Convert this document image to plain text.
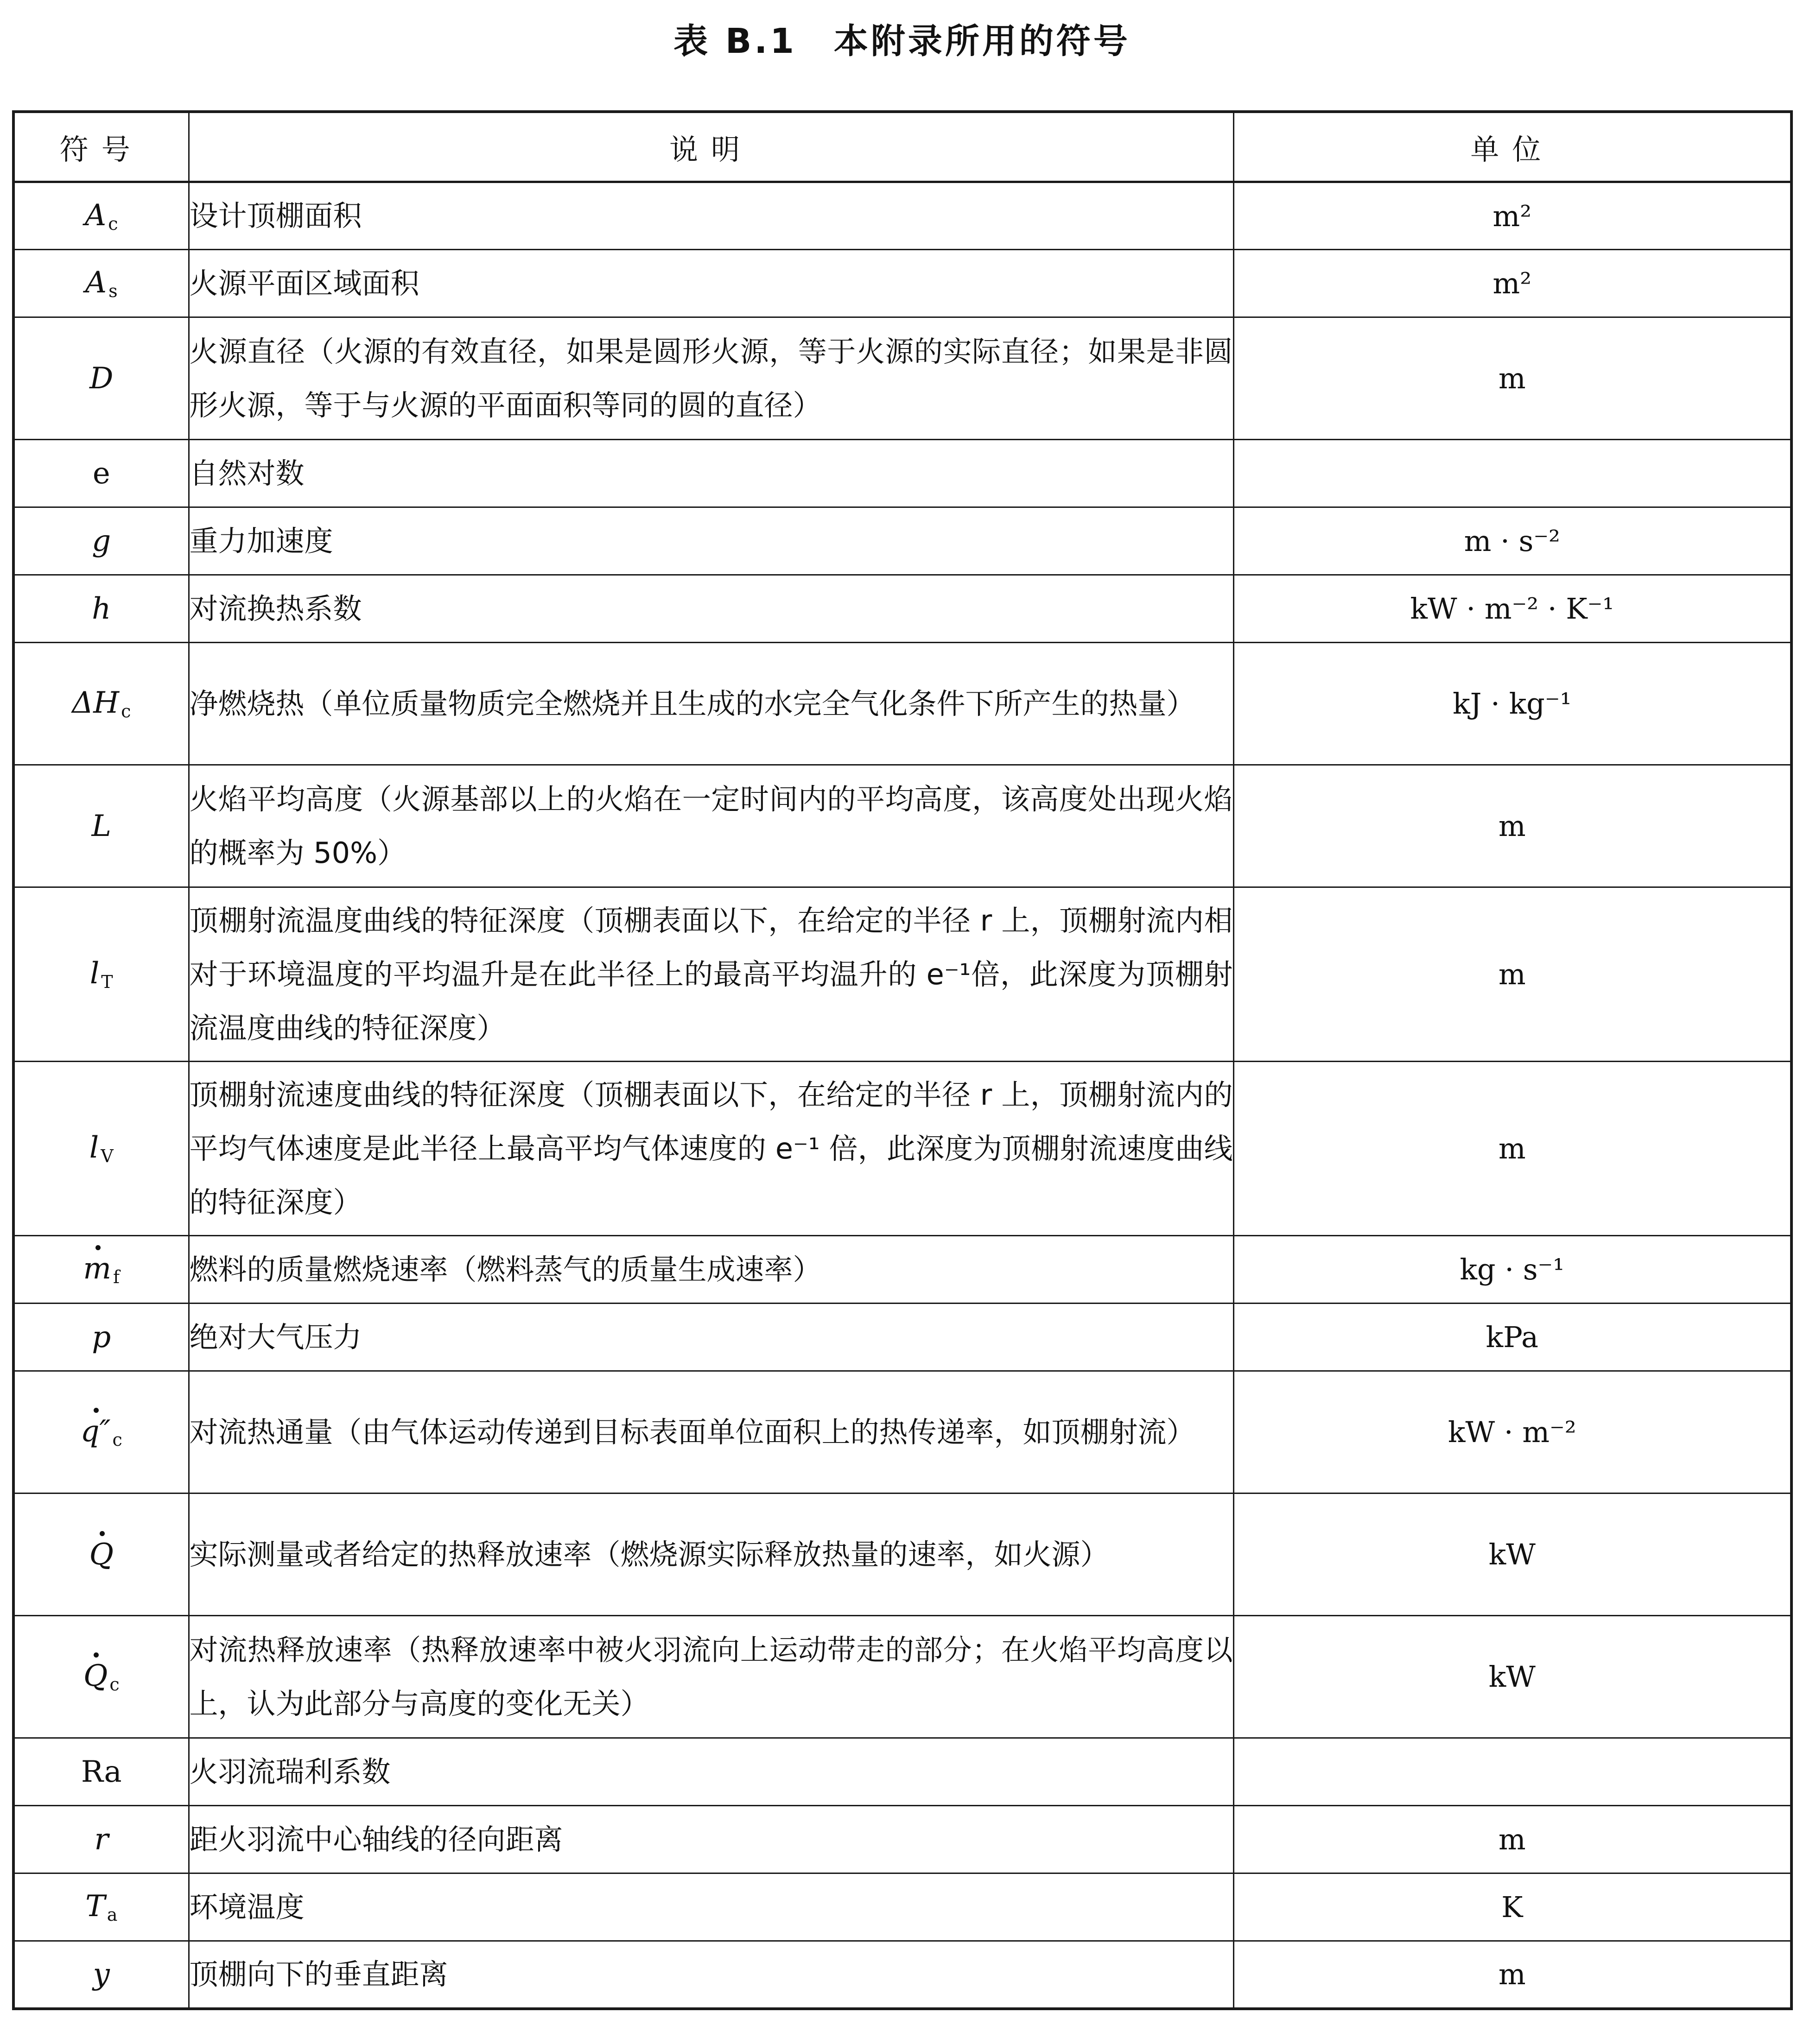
表 B.1　本附录所用的符号
符号	说明	单位
A $_c$	设计顶棚面积	m²
A $_s$	火源平面区域面积	m²
D	火源直径（火源的有效直径，如果是圆形火源，等于火源的实际直径；如果是非圆形火源，等于与火源的平面面积等同的圆的直径）	m
e	自然对数	
g	重力加速度	m · s⁻²
h	对流换热系数	kW · m⁻² · K⁻¹
ΔH $_c$	净燃烧热（单位质量物质完全燃烧并且生成的水完全气化条件下所产生的热量）	kJ · kg⁻¹
L	火焰平均高度（火源基部以上的火焰在一定时间内的平均高度，该高度处出现火焰的概率为 50%）	m
l $_T$	顶棚射流温度曲线的特征深度（顶棚表面以下，在给定的半径 r 上，顶棚射流内相对于环境温度的平均温升是在此半径上的最高平均温升的 e⁻¹倍，此深度为顶棚射流温度曲线的特征深度）	m
l $_V$	顶棚射流速度曲线的特征深度（顶棚表面以下，在给定的半径 r 上，顶棚射流内的平均气体速度是此半径上最高平均气体速度的 e⁻¹ 倍，此深度为顶棚射流速度曲线的特征深度）	m
m $_f$	燃料的质量燃烧速率（燃料蒸气的质量生成速率）	kg · s⁻¹
p	绝对大气压力	kPa
q″ $_c$	对流热通量（由气体运动传递到目标表面单位面积上的热传递率，如顶棚射流）	kW · m⁻²
Q	实际测量或者给定的热释放速率（燃烧源实际释放热量的速率，如火源）	kW
Q $_c$	对流热释放速率（热释放速率中被火羽流向上运动带走的部分；在火焰平均高度以上，认为此部分与高度的变化无关）	kW
Ra	火羽流瑞利系数	
r	距火羽流中心轴线的径向距离	m
T $_a$	环境温度	K
y	顶棚向下的垂直距离	m
